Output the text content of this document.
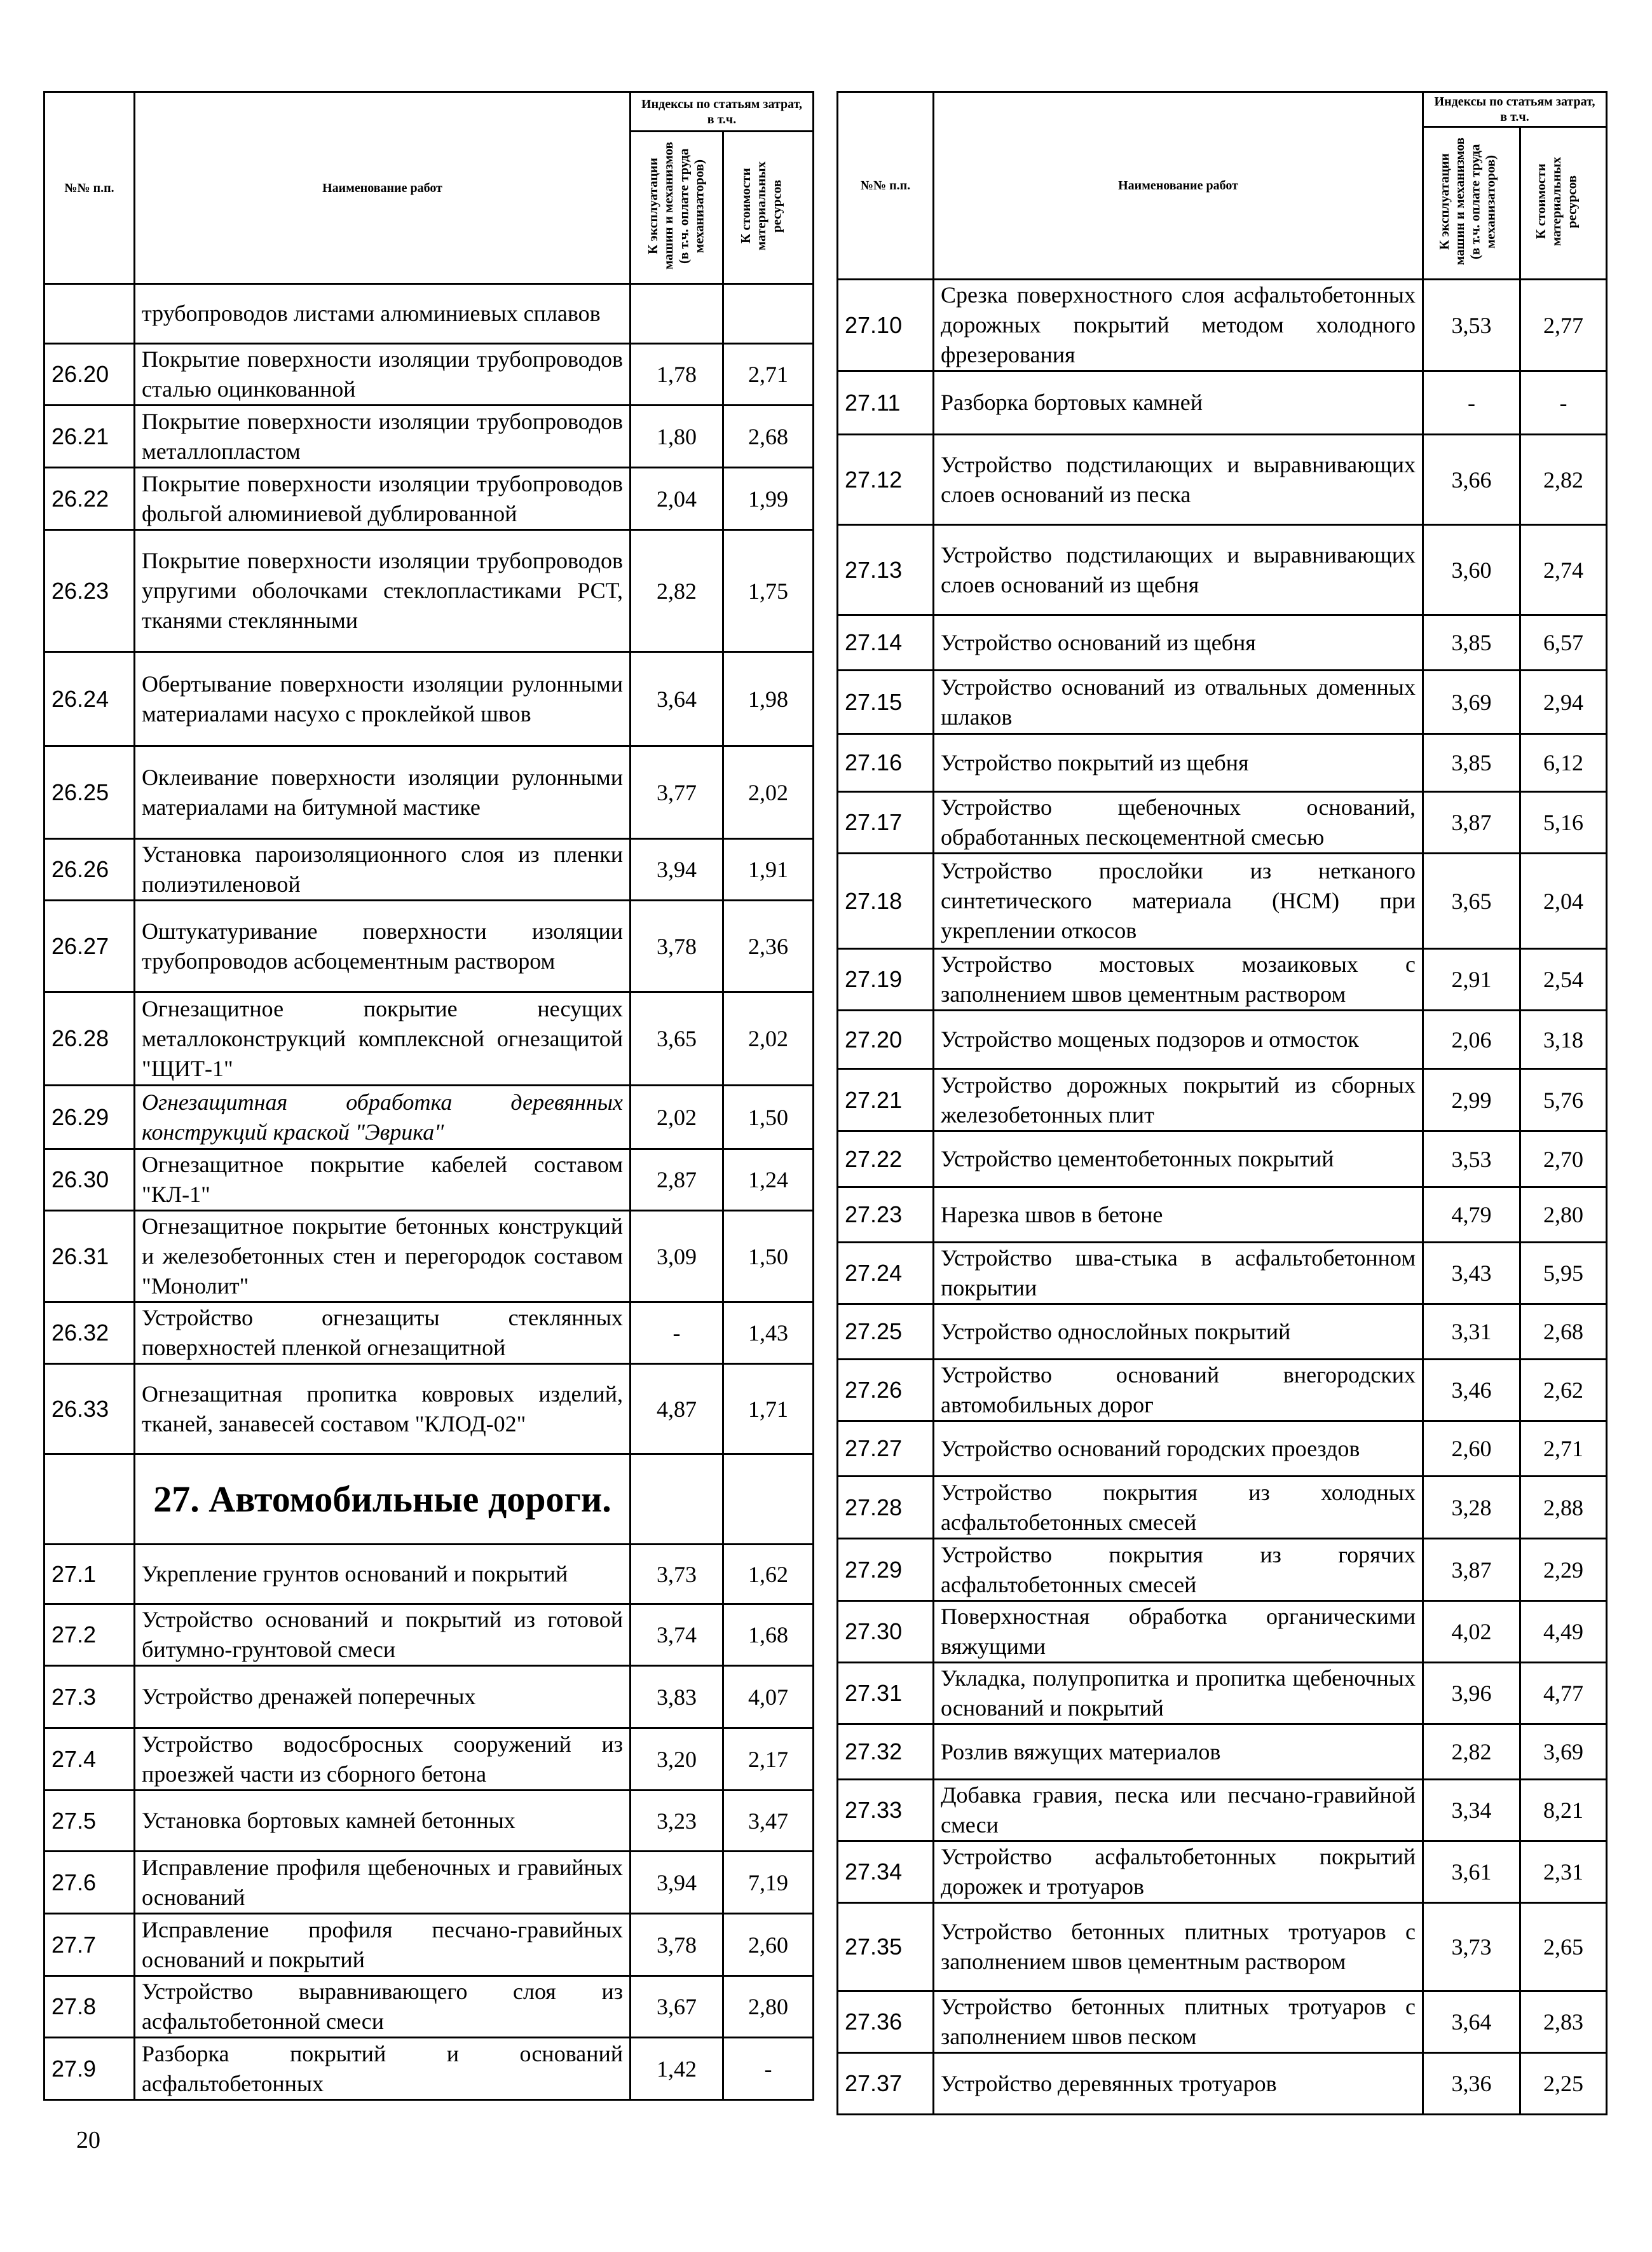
№№ п.п.	Наименование работ	Индексы по статьям затрат, в т.ч.	
		К эксплуатации машин и механизмов (в т.ч. оплате труда механизаторов)	К стоимости материальных ресурсов
	трубопроводов листами алюминиевых сплавов		
26.20	Покрытие поверхности изоляции трубопроводов сталью оцинкованной	1,78	2,71
26.21	Покрытие поверхности изоляции трубопроводов металлопластом	1,80	2,68
26.22	Покрытие поверхности изоляции трубопроводов фольгой алюминиевой дублированной	2,04	1,99
26.23	Покрытие поверхности изоляции трубопроводов упругими оболочками стеклопластиками РСТ, тканями стеклянными	2,82	1,75
26.24	Обертывание поверхности изоляции рулонными материалами насухо с проклейкой швов	3,64	1,98
26.25	Оклеивание поверхности изоляции рулонными материалами на битумной мастике	3,77	2,02
26.26	Установка пароизоляционного слоя из пленки полиэтиленовой	3,94	1,91
26.27	Оштукатуривание поверхности изоляции трубопроводов асбоцементным раствором	3,78	2,36
26.28	Огнезащитное покрытие несущих металлоконструкций комплексной огнезащитой "ЩИТ-1"	3,65	2,02
26.29	Огнезащитная обработка деревянных конструкций краской "Эврика"	2,02	1,50
26.30	Огнезащитное покрытие кабелей составом "КЛ-1"	2,87	1,24
26.31	Огнезащитное покрытие бетонных конструкций и железобетонных стен и перегородок составом "Монолит"	3,09	1,50
26.32	Устройство огнезащиты стеклянных поверхностей пленкой огнезащитной	-	1,43
26.33	Огнезащитная пропитка ковровых изделий, тканей, занавесей составом "КЛОД-02"	4,87	1,71
	27. Автомобильные дороги.		
27.1	Укрепление грунтов оснований и покрытий	3,73	1,62
27.2	Устройство оснований и покрытий из готовой битумно-грунтовой смеси	3,74	1,68
27.3	Устройство дренажей поперечных	3,83	4,07
27.4	Устройство водосбросных сооружений из проезжей части из сборного бетона	3,20	2,17
27.5	Установка бортовых камней бетонных	3,23	3,47
27.6	Исправление профиля щебеночных и гравийных оснований	3,94	7,19
27.7	Исправление профиля песчано-гравийных оснований и покрытий	3,78	2,60
27.8	Устройство выравнивающего слоя из асфальтобетонной смеси	3,67	2,80
27.9	Разборка покрытий и оснований асфальтобетонных	1,42	-
№№ п.п.	Наименование работ	Индексы по статьям затрат, в т.ч.	
		К эксплуатации машин и механизмов (в т.ч. оплате труда механизаторов)	К стоимости материальных ресурсов
27.10	Срезка поверхностного слоя асфальтобетонных дорожных покрытий методом холодного фрезерования	3,53	2,77
27.11	Разборка бортовых камней	-	-
27.12	Устройство подстилающих и выравнивающих слоев оснований из песка	3,66	2,82
27.13	Устройство подстилающих и выравнивающих слоев оснований из щебня	3,60	2,74
27.14	Устройство оснований из щебня	3,85	6,57
27.15	Устройство оснований из отвальных доменных шлаков	3,69	2,94
27.16	Устройство покрытий из щебня	3,85	6,12
27.17	Устройство щебеночных оснований, обработанных пескоцементной смесью	3,87	5,16
27.18	Устройство прослойки из нетканого синтетического материала (НСМ) при укреплении откосов	3,65	2,04
27.19	Устройство мостовых мозаиковых с заполнением швов цементным раствором	2,91	2,54
27.20	Устройство мощеных подзоров и отмосток	2,06	3,18
27.21	Устройство дорожных покрытий из сборных железобетонных плит	2,99	5,76
27.22	Устройство цементобетонных покрытий	3,53	2,70
27.23	Нарезка швов в бетоне	4,79	2,80
27.24	Устройство шва-стыка в асфальтобетонном покрытии	3,43	5,95
27.25	Устройство однослойных покрытий	3,31	2,68
27.26	Устройство оснований внегородских автомобильных дорог	3,46	2,62
27.27	Устройство оснований городских проездов	2,60	2,71
27.28	Устройство покрытия из холодных асфальтобетонных смесей	3,28	2,88
27.29	Устройство покрытия из горячих асфальтобетонных смесей	3,87	2,29
27.30	Поверхностная обработка органическими вяжущими	4,02	4,49
27.31	Укладка, полупропитка и пропитка щебеночных оснований и покрытий	3,96	4,77
27.32	Розлив вяжущих материалов	2,82	3,69
27.33	Добавка гравия, песка или песчано-гравийной смеси	3,34	8,21
27.34	Устройство асфальтобетонных покрытий дорожек и тротуаров	3,61	2,31
27.35	Устройство бетонных плитных тротуаров с заполнением швов цементным раствором	3,73	2,65
27.36	Устройство бетонных плитных тротуаров с заполнением швов песком	3,64	2,83
27.37	Устройство деревянных тротуаров	3,36	2,25
20
